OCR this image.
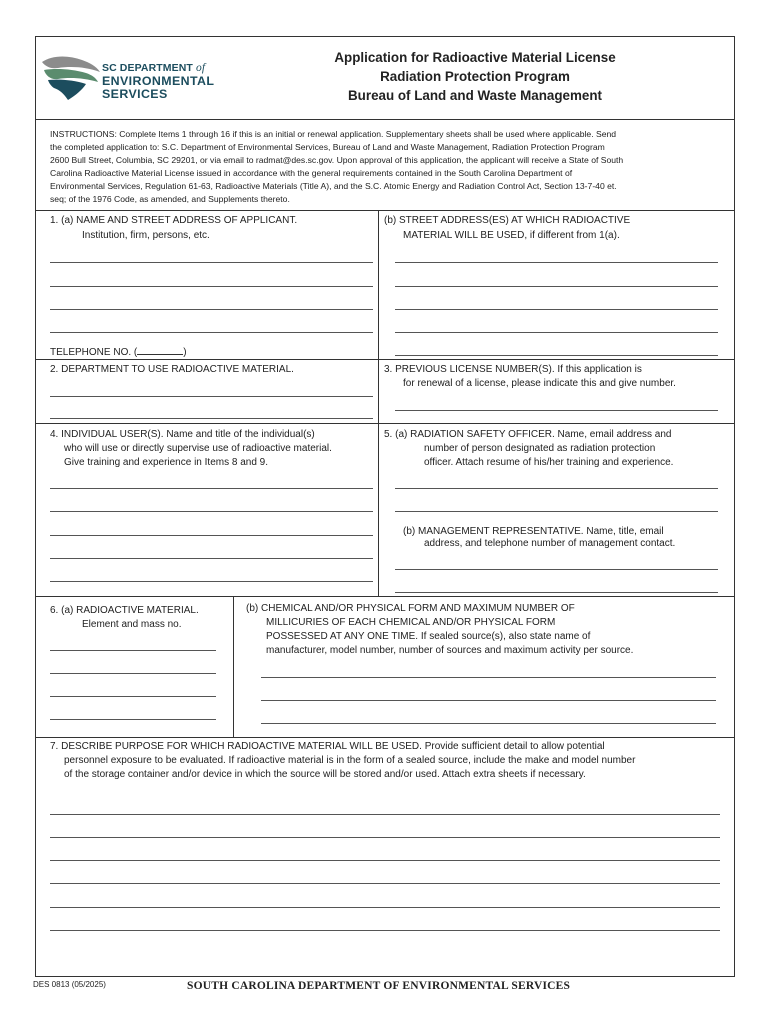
SC DEPARTMENT of
ENVIRONMENTAL
SERVICES
Application for Radioactive Material License
Radiation Protection Program
Bureau of Land and Waste Management
INSTRUCTIONS: Complete Items 1 through 16 if this is an initial or renewal application. Supplementary sheets shall be used where applicable. Send
the completed application to: S.C. Department of Environmental Services, Bureau of Land and Waste Management, Radiation Protection Program
2600 Bull Street, Columbia, SC 29201, or via email to radmat@des.sc.gov. Upon approval of this application, the applicant will receive a State of South
Carolina Radioactive Material License issued in accordance with the general requirements contained in the South Carolina Department of
Environmental Services, Regulation 61-63, Radioactive Materials (Title A), and the S.C. Atomic Energy and Radiation Control Act, Section 13-7-40 et.
seq; of the 1976 Code, as amended, and Supplements thereto.
1. (a) NAME AND STREET ADDRESS OF APPLICANT.
Institution, firm, persons, etc.
TELEPHONE NO. (	)
(b) STREET ADDRESS(ES) AT WHICH RADIOACTIVE
MATERIAL WILL BE USED, if different from 1(a).
2. DEPARTMENT TO USE RADIOACTIVE MATERIAL.	3. PREVIOUS LICENSE NUMBER(S). If this application is
for renewal of a license, please indicate this and give number.
4. INDIVIDUAL USER(S). Name and title of the individual(s)
who will use or directly supervise use of radioactive material.
Give training and experience in Items 8 and 9.
5. (a) RADIATION SAFETY OFFICER. Name, email address and
number of person designated as radiation protection
officer. Attach resume of his/her training and experience.
(b) MANAGEMENT REPRESENTATIVE. Name, title, email
address, and telephone number of management contact.
6. (a) RADIOACTIVE MATERIAL.
Element and mass no.
(b) CHEMICAL AND/OR PHYSICAL FORM AND MAXIMUM NUMBER OF
MILLICURIES OF EACH CHEMICAL AND/OR PHYSICAL FORM
POSSESSED AT ANY ONE TIME. If sealed source(s), also state name of
manufacturer, model number, number of sources and maximum activity per source.
7. DESCRIBE PURPOSE FOR WHICH RADIOACTIVE MATERIAL WILL BE USED. Provide sufficient detail to allow potential
personnel exposure to be evaluated. If radioactive material is in the form of a sealed source, include the make and model number
of the storage container and/or device in which the source will be stored and/or used. Attach extra sheets if necessary.
DES 0813 (05/2025)	SOUTH CAROLINA DEPARTMENT OF ENVIRONMENTAL SERVICES
